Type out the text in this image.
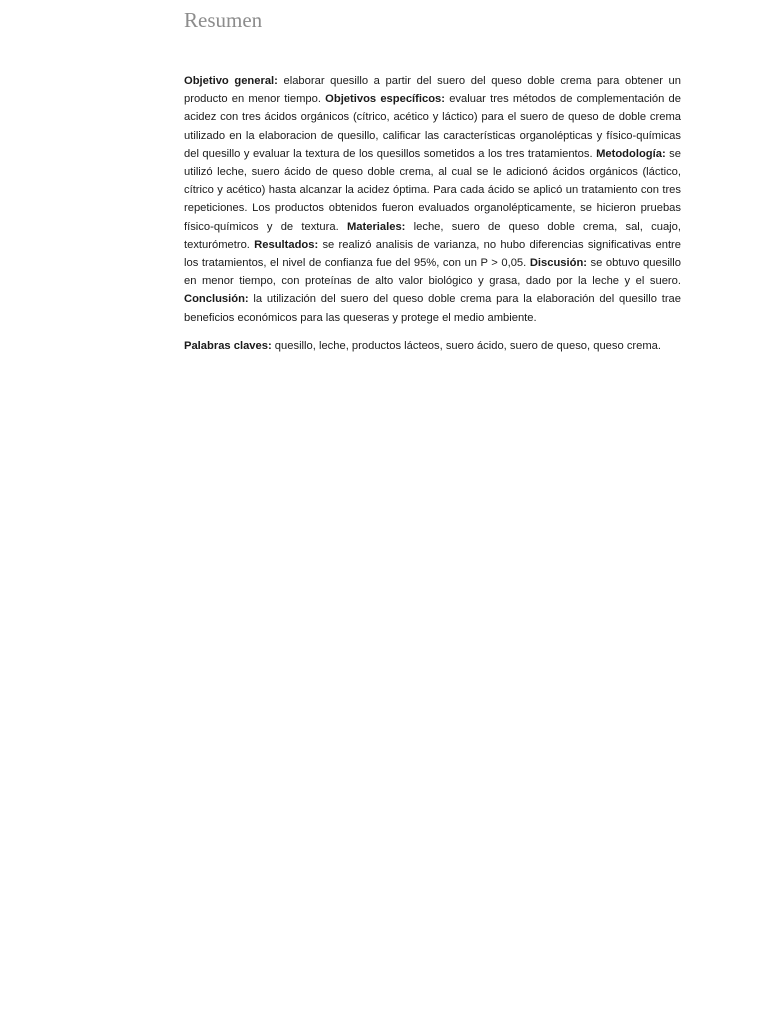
Resumen

Objetivo general: elaborar quesillo a partir del suero del queso doble crema para obtener un producto en menor tiempo. Objetivos específicos: evaluar tres métodos de complementación de acidez con tres ácidos orgánicos (cítrico, acético y láctico) para el suero de queso de doble crema utilizado en la elaboracion de quesillo, calificar las características organolépticas y físico-químicas del quesillo y evaluar la textura de los quesillos sometidos a los tres tratamientos. Metodología: se utilizó leche, suero ácido de queso doble crema, al cual se le adicionó ácidos orgánicos (láctico, cítrico y acético) hasta alcanzar la acidez óptima. Para cada ácido se aplicó un tratamiento con tres repeticiones. Los productos obtenidos fueron evaluados organolépticamente, se hicieron pruebas físico-químicos y de textura. Materiales: leche, suero de queso doble crema, sal, cuajo, texturómetro. Resultados: se realizó analisis de varianza, no hubo diferencias significativas entre los tratamientos, el nivel de confianza fue del 95%, con un P > 0,05. Discusión: se obtuvo quesillo en menor tiempo, con proteínas de alto valor biológico y grasa, dado por la leche y el suero. Conclusión: la utilización del suero del queso doble crema para la elaboración del quesillo trae beneficios económicos para las queseras y protege el medio ambiente.

Palabras claves: quesillo, leche, productos lácteos, suero ácido, suero de queso, queso crema.
